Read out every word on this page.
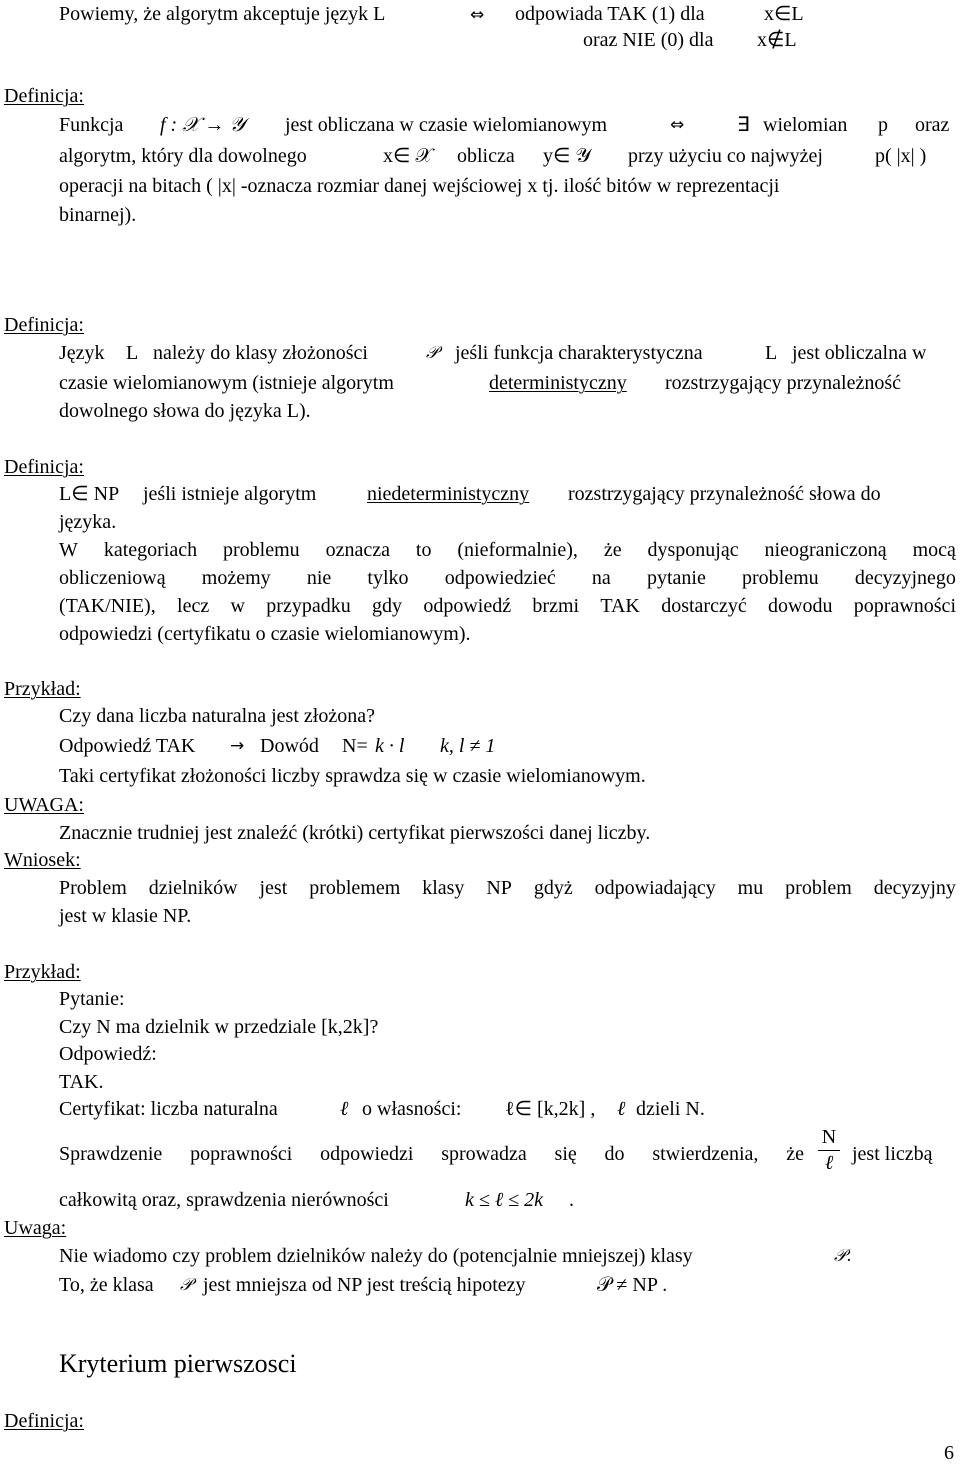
Powiemy, że algorytm akceptuje język L	⇔ odpowiada TAK (1) dla	x∈L
oraz NIE (0) dla x∉L
Definicja:
Funkcja f : 𝒳 → 𝒴 jest obliczana w czasie wielomianowym	⇔	∃ wielomian p oraz
algorytm, który dla dowolnego	x∈ 𝒳 oblicza y∈ 𝒴 przy użyciu co najwyżej	p( |x| )
operacji na bitach ( |x| -oznacza rozmiar danej wejściowej x tj. ilość bitów w reprezentacji
binarnej).
Definicja:
Język L należy do klasy złożoności	𝒫 jeśli funkcja charakterystyczna	L jest obliczalna w
czasie wielomianowym (istnieje algorytm	deterministyczny rozstrzygający przynależność
dowolnego słowa do języka L).
Definicja:
L∈ NP jeśli istnieje algorytm	niedeterministyczny rozstrzygający przynależność słowa do
języka.
W kategoriach problemu oznacza to (nieformalnie), że dysponując nieograniczoną mocą
obliczeniową możemy nie tylko odpowiedzieć na pytanie problemu decyzyjnego
(TAK/NIE), lecz w przypadku gdy odpowiedź brzmi TAK dostarczyć dowodu poprawności
odpowiedzi (certyfikatu o czasie wielomianowym).
Przykład:
Czy dana liczba naturalna jest złożona?
Odpowiedź TAK → Dowód N= k · l k, l ≠ 1
Taki certyfikat złożoności liczby sprawdza się w czasie wielomianowym.
UWAGA:
Znacznie trudniej jest znaleźć (krótki) certyfikat pierwszości danej liczby.
Wniosek:
Problem dzielników jest problemem klasy NP gdyż odpowiadający mu problem decyzyjny
jest w klasie NP.
Przykład:
Pytanie:
Czy N ma dzielnik w przedziale [k,2k]?
Odpowiedź:
TAK.
Certyfikat: liczba naturalna	ℓ o własności: ℓ∈ [k,2k] , ℓ dzieli N.
Sprawdzenie poprawności odpowiedzi sprowadza się do stwierdzenia, że
N
ℓ jest liczbą
całkowitą oraz, sprawdzenia nierówności	k ≤ ℓ ≤ 2k .
Uwaga:
Nie wiadomo czy problem dzielników należy do (potencjalnie mniejszej) klasy	𝒫.
To, że klasa 𝒫 jest mniejsza od NP jest treścią hipotezy	𝒫 ≠ NP .
Kryterium pierwszosci
Definicja:
6
